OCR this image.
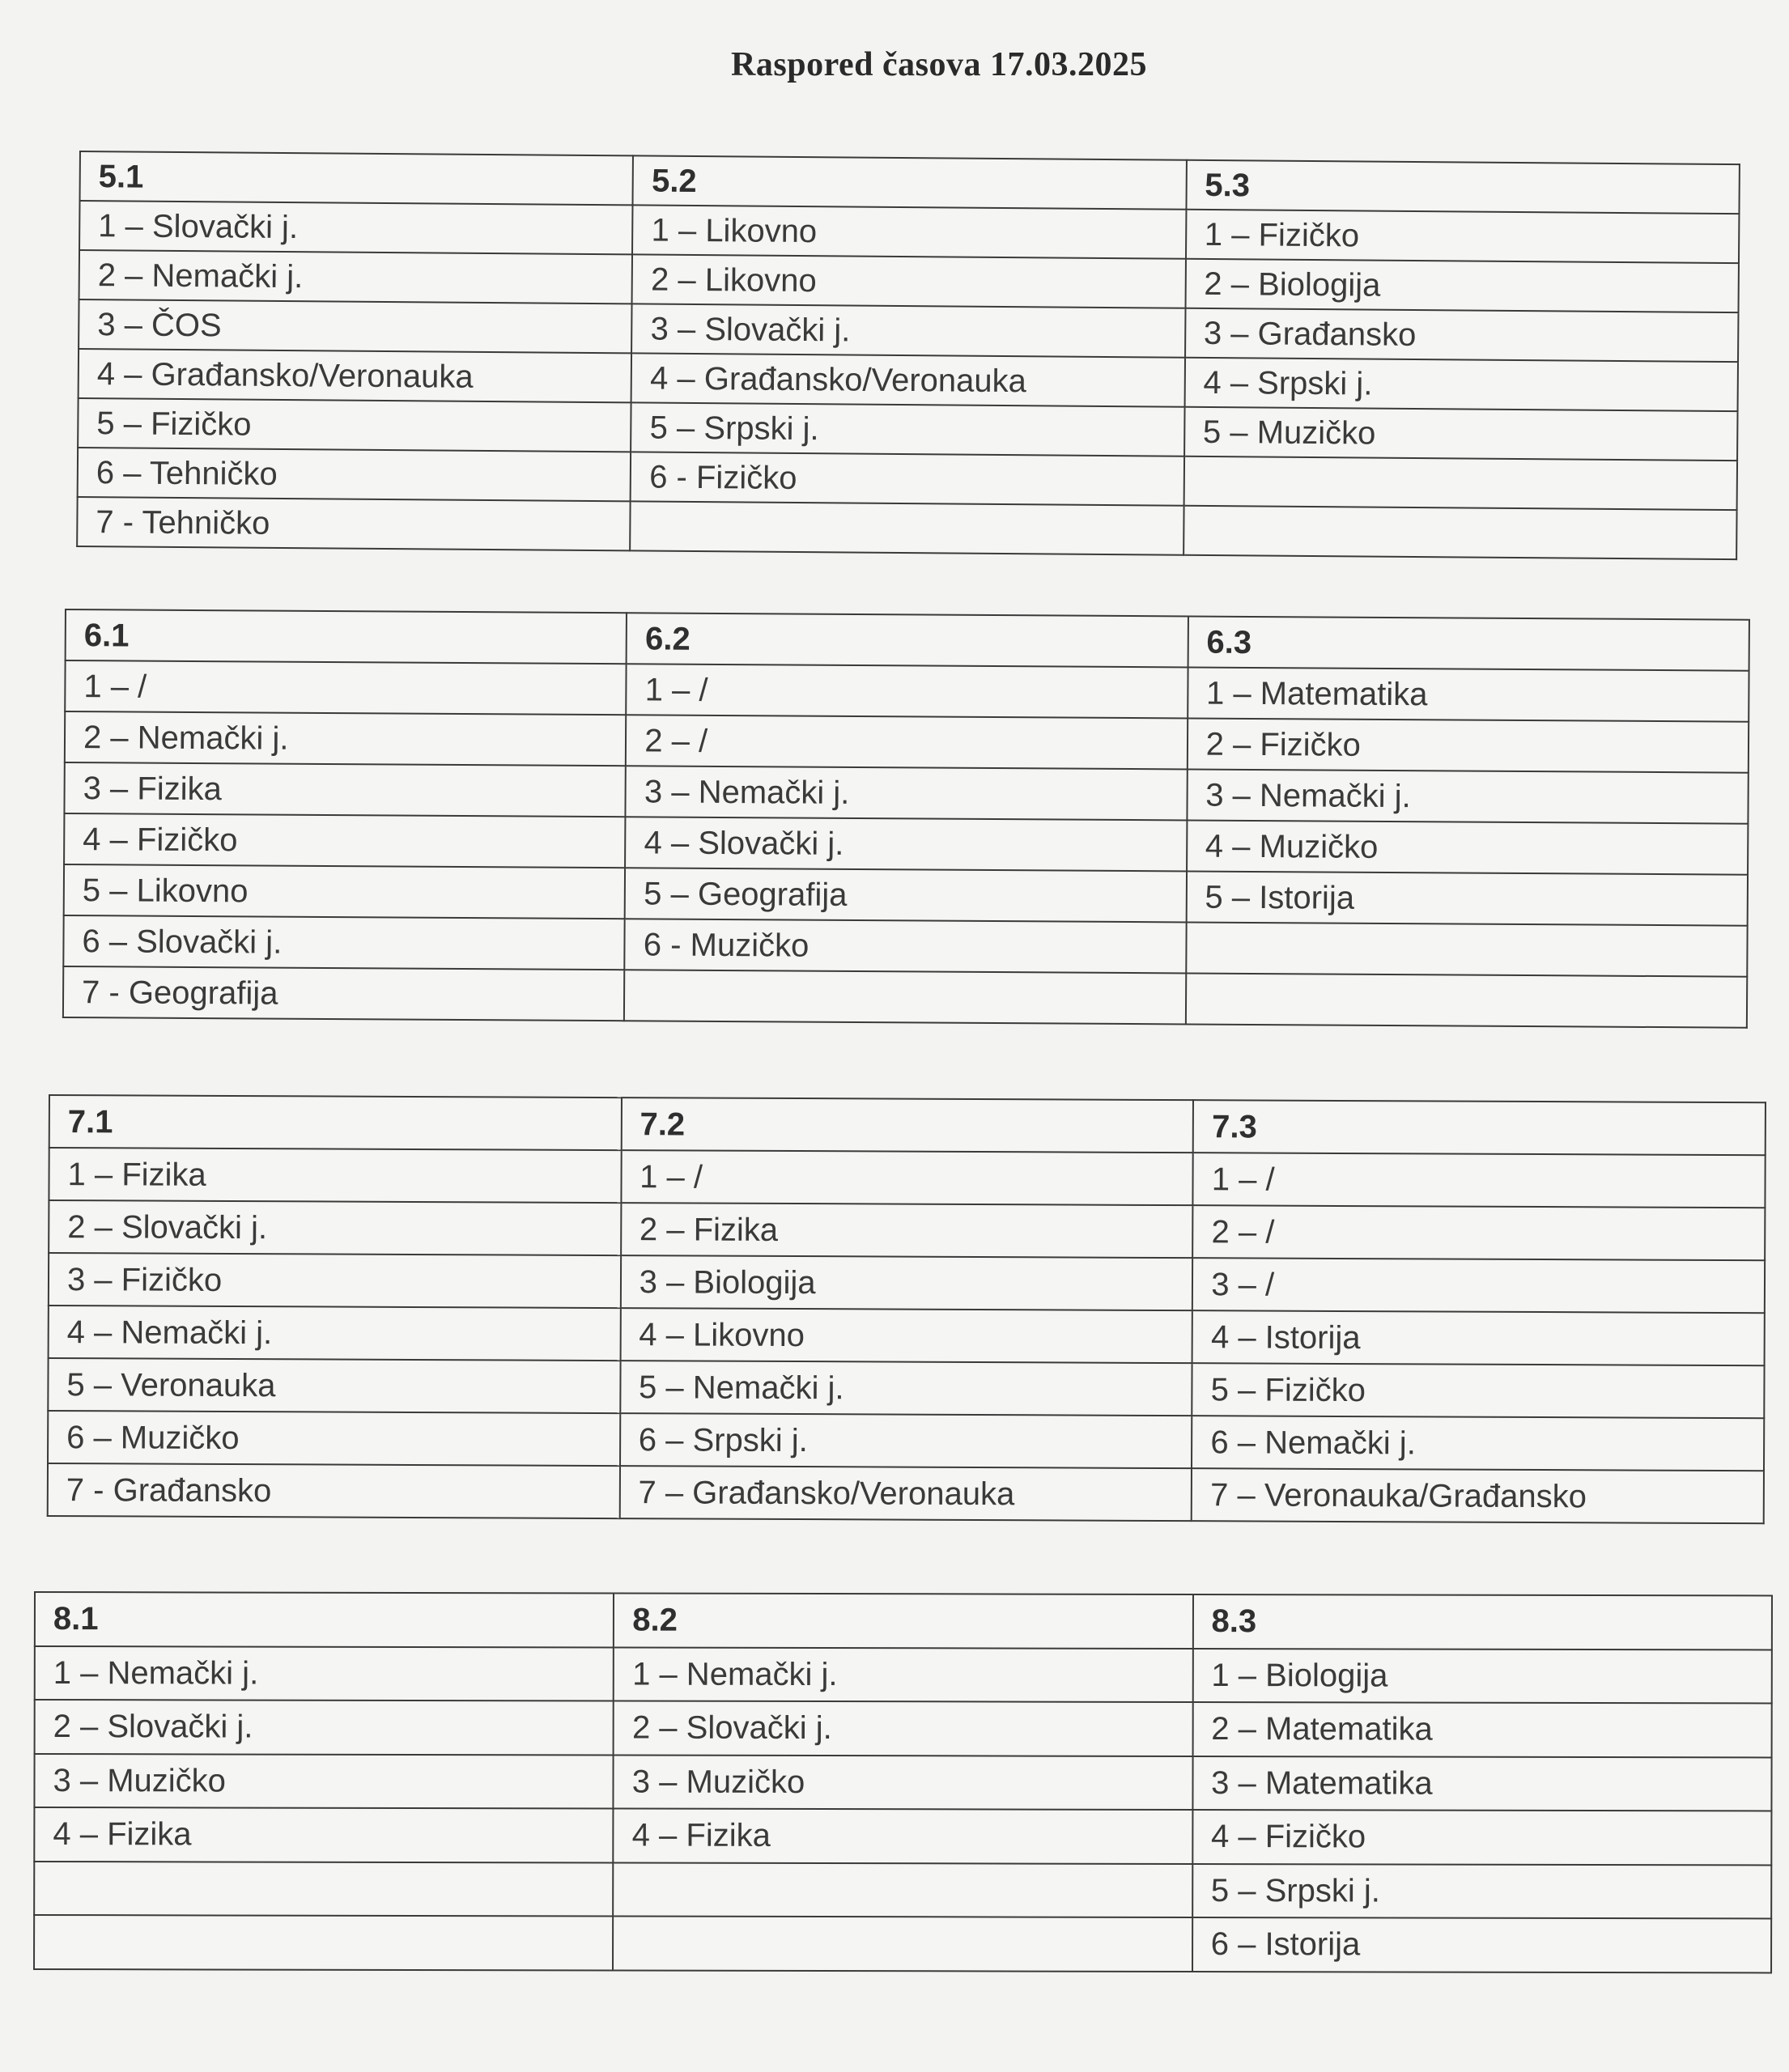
Raspored časova 17.03.2025
5.1	5.2	5.3
1 – Slovački j.	1 – Likovno	1 – Fizičko
2 – Nemački j.	2 – Likovno	2 – Biologija
3 – ČOS	3 – Slovački j.	3 – Građansko
4 – Građansko/Veronauka	4 – Građansko/Veronauka	4 – Srpski j.
5 – Fizičko	5 – Srpski j.	5 – Muzičko
6 – Tehničko	6 - Fizičko	
7 - Tehničko		
6.1	6.2	6.3
1 – /	1 – /	1 – Matematika
2 – Nemački j.	2 – /	2 – Fizičko
3 – Fizika	3 – Nemački j.	3 – Nemački j.
4 – Fizičko	4 – Slovački j.	4 – Muzičko
5 – Likovno	5 – Geografija	5 – Istorija
6 – Slovački j.	6 - Muzičko	
7 - Geografija		
7.1	7.2	7.3
1 – Fizika	1 – /	1 – /
2 – Slovački j.	2 – Fizika	2 – /
3 – Fizičko	3 – Biologija	3 – /
4 – Nemački j.	4 – Likovno	4 – Istorija
5 – Veronauka	5 – Nemački j.	5 – Fizičko
6 – Muzičko	6 – Srpski j.	6 – Nemački j.
7 - Građansko	7 – Građansko/Veronauka	7 – Veronauka/Građansko
8.1	8.2	8.3
1 – Nemački j.	1 – Nemački j.	1 – Biologija
2 – Slovački j.	2 – Slovački j.	2 – Matematika
3 – Muzičko	3 – Muzičko	3 – Matematika
4 – Fizika	4 – Fizika	4 – Fizičko
		5 – Srpski j.
		6 – Istorija
